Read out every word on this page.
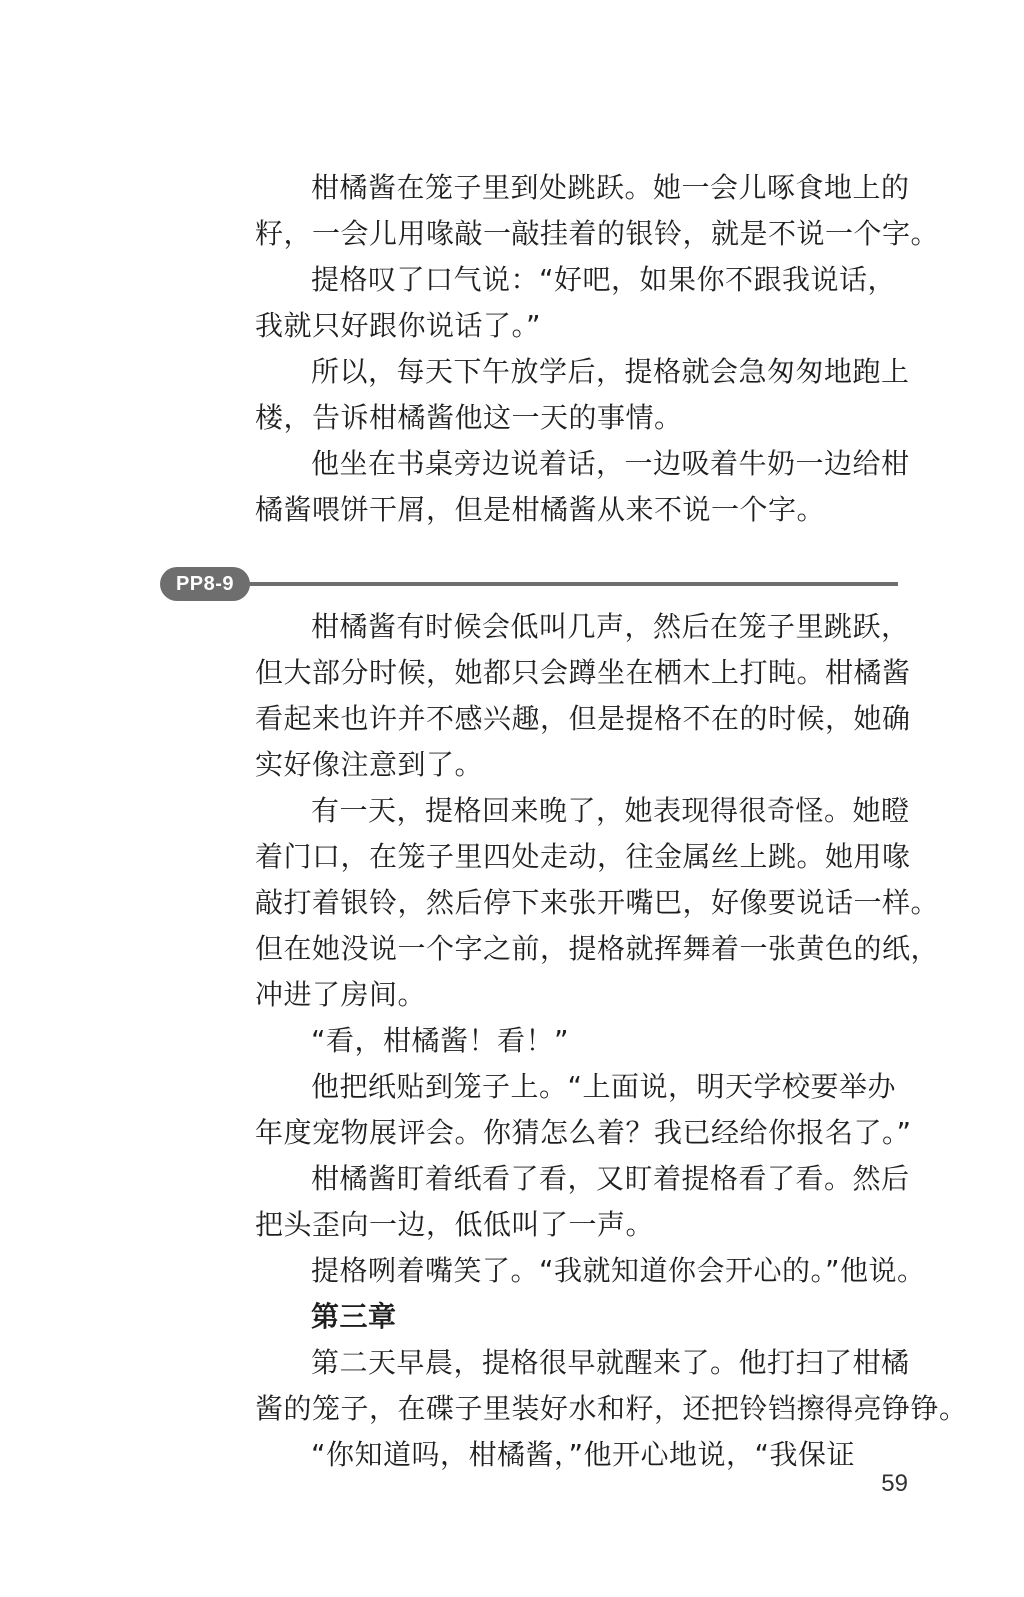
柑橘酱在笼子里到处跳跃。她一会儿啄食地上的
籽，一会儿用喙敲一敲挂着的银铃，就是不说一个字。
提格叹了口气说：“好吧，如果你不跟我说话，
我就只好跟你说话了。”
所以，每天下午放学后，提格就会急匆匆地跑上
楼，告诉柑橘酱他这一天的事情。
他坐在书桌旁边说着话，一边吸着牛奶一边给柑
橘酱喂饼干屑，但是柑橘酱从来不说一个字。
PP8-9
柑橘酱有时候会低叫几声，然后在笼子里跳跃，
但大部分时候，她都只会蹲坐在栖木上打盹。柑橘酱
看起来也许并不感兴趣，但是提格不在的时候，她确
实好像注意到了。
有一天，提格回来晚了，她表现得很奇怪。她瞪
着门口，在笼子里四处走动，往金属丝上跳。她用喙
敲打着银铃，然后停下来张开嘴巴，好像要说话一样。
但在她没说一个字之前，提格就挥舞着一张黄色的纸，
冲进了房间。
“看，柑橘酱！看！”
他把纸贴到笼子上。“上面说，明天学校要举办
年度宠物展评会。你猜怎么着？我已经给你报名了。”
柑橘酱盯着纸看了看，又盯着提格看了看。然后
把头歪向一边，低低叫了一声。
提格咧着嘴笑了。“我就知道你会开心的。”他说。
第三章
第二天早晨，提格很早就醒来了。他打扫了柑橘
酱的笼子，在碟子里装好水和籽，还把铃铛擦得亮铮铮。
“你知道吗，柑橘酱，”他开心地说，“我保证
59
